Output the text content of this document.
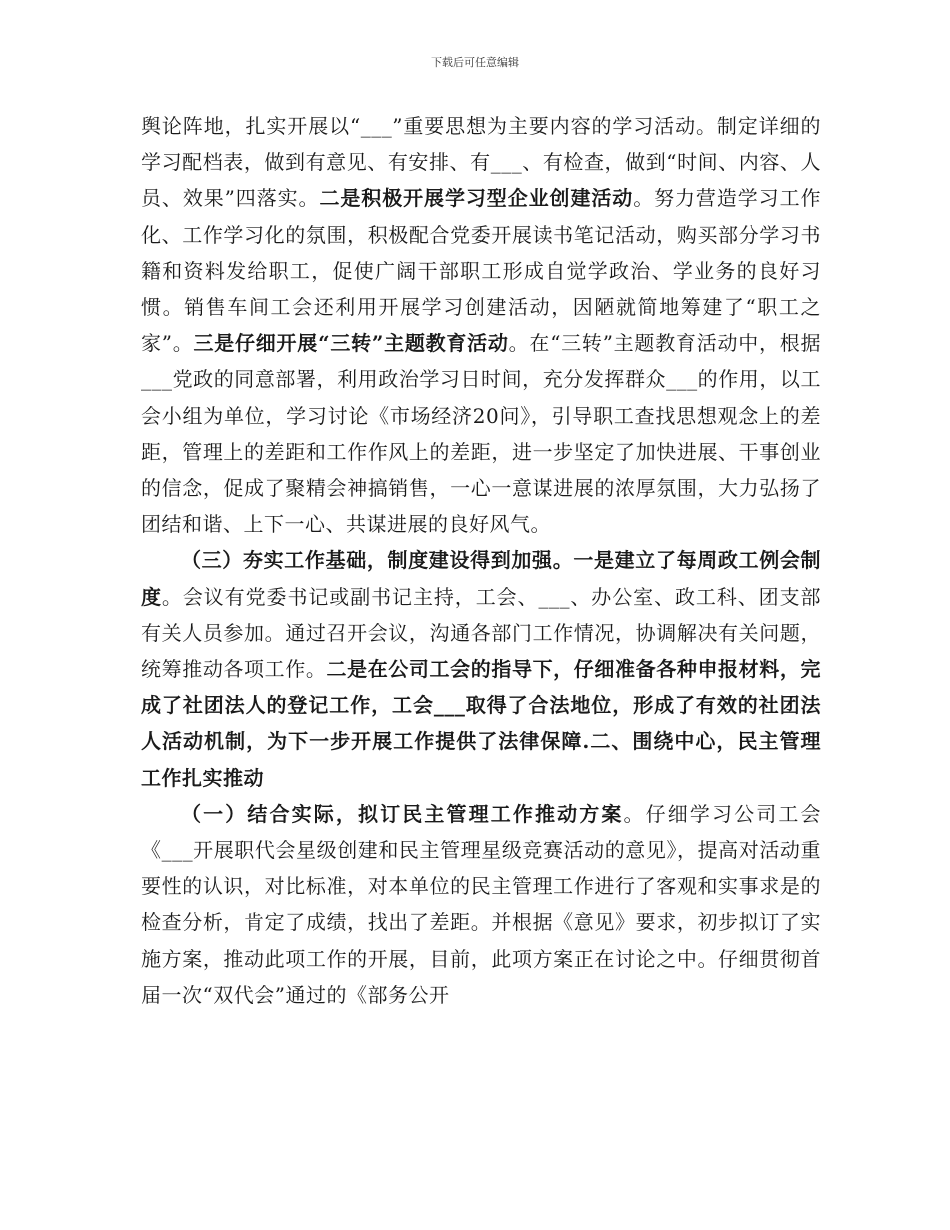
下载后可任意编辑

舆论阵地，扎实开展以“___”重要思想为主要内容的学习活动。制定详细的学习配档表，做到有意见、有安排、有___、有检查，做到“时间、内容、人员、效果”四落实。二是积极开展学习型企业创建活动。努力营造学习工作化、工作学习化的氛围，积极配合党委开展读书笔记活动，购买部分学习书籍和资料发给职工，促使广阔干部职工形成自觉学政治、学业务的良好习惯。销售车间工会还利用开展学习创建活动，因陋就简地筹建了“职工之家”。三是仔细开展“三转”主题教育活动。在“三转”主题教育活动中，根据___党政的同意部署，利用政治学习日时间，充分发挥群众___的作用，以工会小组为单位，学习讨论《市场经济20问》，引导职工查找思想观念上的差距，管理上的差距和工作作风上的差距，进一步坚定了加快进展、干事创业的信念，促成了聚精会神搞销售，一心一意谋进展的浓厚氛围，大力弘扬了团结和谐、上下一心、共谋进展的良好风气。

（三）夯实工作基础，制度建设得到加强。一是建立了每周政工例会制度。会议有党委书记或副书记主持，工会、___、办公室、政工科、团支部有关人员参加。通过召开会议，沟通各部门工作情况，协调解决有关问题，统筹推动各项工作。二是在公司工会的指导下，仔细准备各种申报材料，完成了社团法人的登记工作，工会___取得了合法地位，形成了有效的社团法人活动机制，为下一步开展工作提供了法律保障.二、围绕中心，民主管理工作扎实推动

（一）结合实际，拟订民主管理工作推动方案。仔细学习公司工会《___开展职代会星级创建和民主管理星级竞赛活动的意见》，提高对活动重要性的认识，对比标准，对本单位的民主管理工作进行了客观和实事求是的检查分析，肯定了成绩，找出了差距。并根据《意见》要求，初步拟订了实施方案，推动此项工作的开展，目前，此项方案正在讨论之中。仔细贯彻首届一次“双代会”通过的《部务公开
